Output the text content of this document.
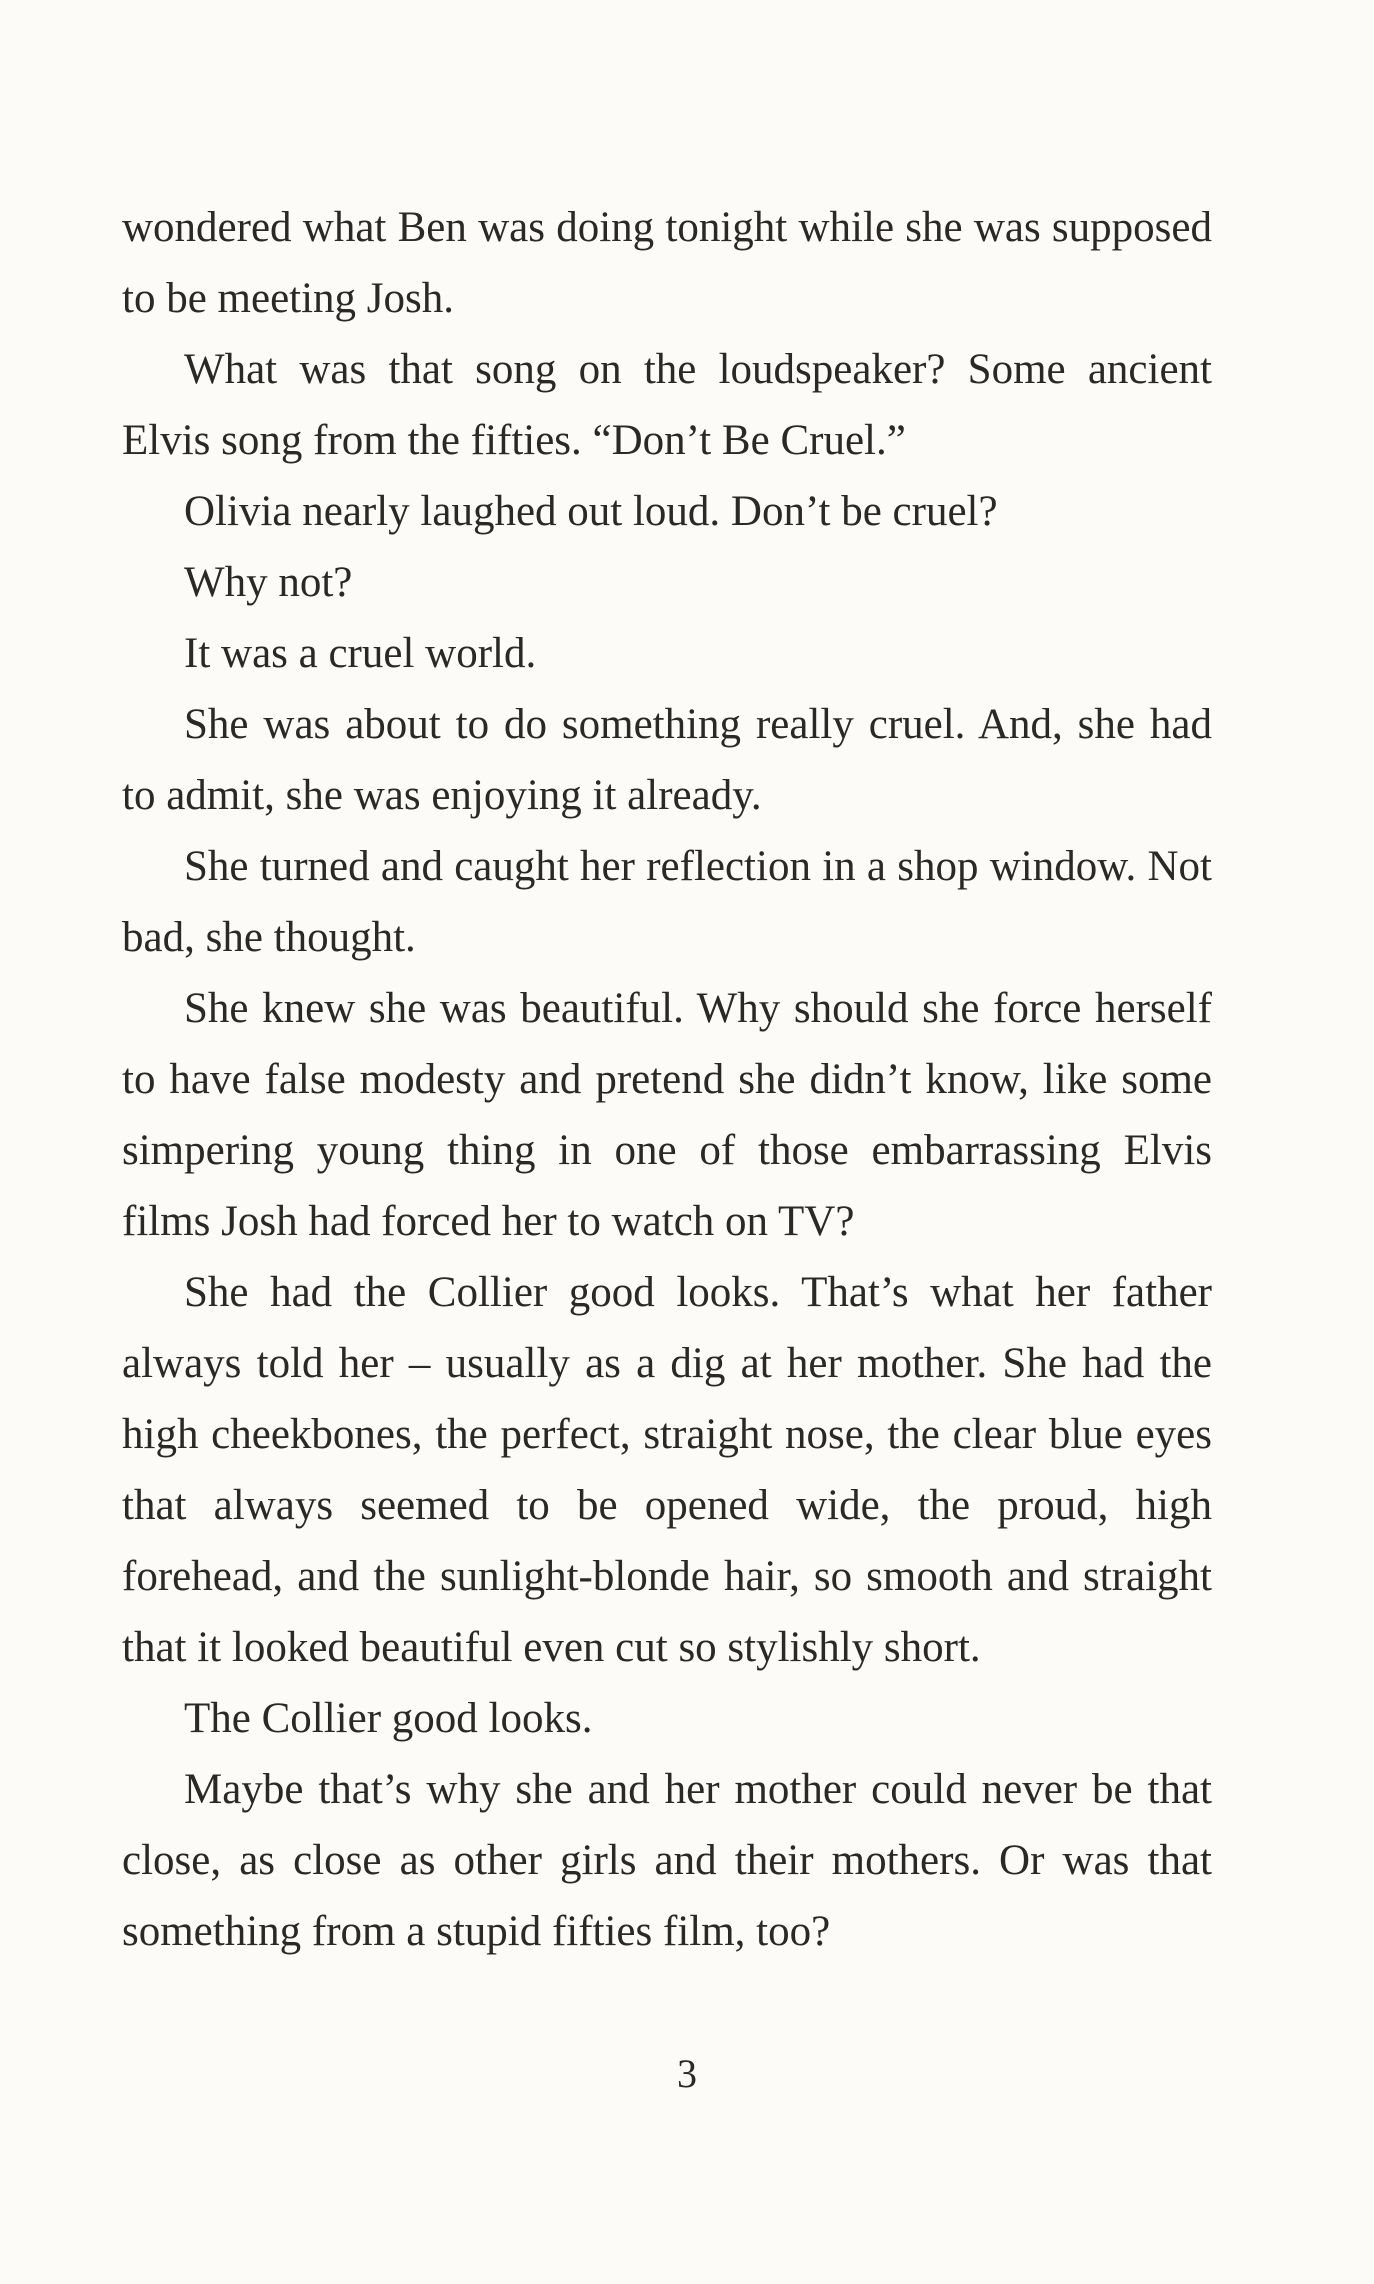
wondered what Ben was doing tonight while she was supposed to be meeting Josh.

What was that song on the loudspeaker? Some ancient Elvis song from the fifties. “Don’t Be Cruel.”

Olivia nearly laughed out loud. Don’t be cruel?

Why not?

It was a cruel world.

She was about to do something really cruel. And, she had to admit, she was enjoying it already.

She turned and caught her reflection in a shop window. Not bad, she thought.

She knew she was beautiful. Why should she force herself to have false modesty and pretend she didn’t know, like some simpering young thing in one of those embarrassing Elvis films Josh had forced her to watch on TV?

She had the Collier good looks. That’s what her father always told her – usually as a dig at her mother. She had the high cheekbones, the perfect, straight nose, the clear blue eyes that always seemed to be opened wide, the proud, high forehead, and the sunlight-blonde hair, so smooth and straight that it looked beautiful even cut so stylishly short.

The Collier good looks.

Maybe that’s why she and her mother could never be that close, as close as other girls and their mothers. Or was that something from a stupid fifties film, too?

3
